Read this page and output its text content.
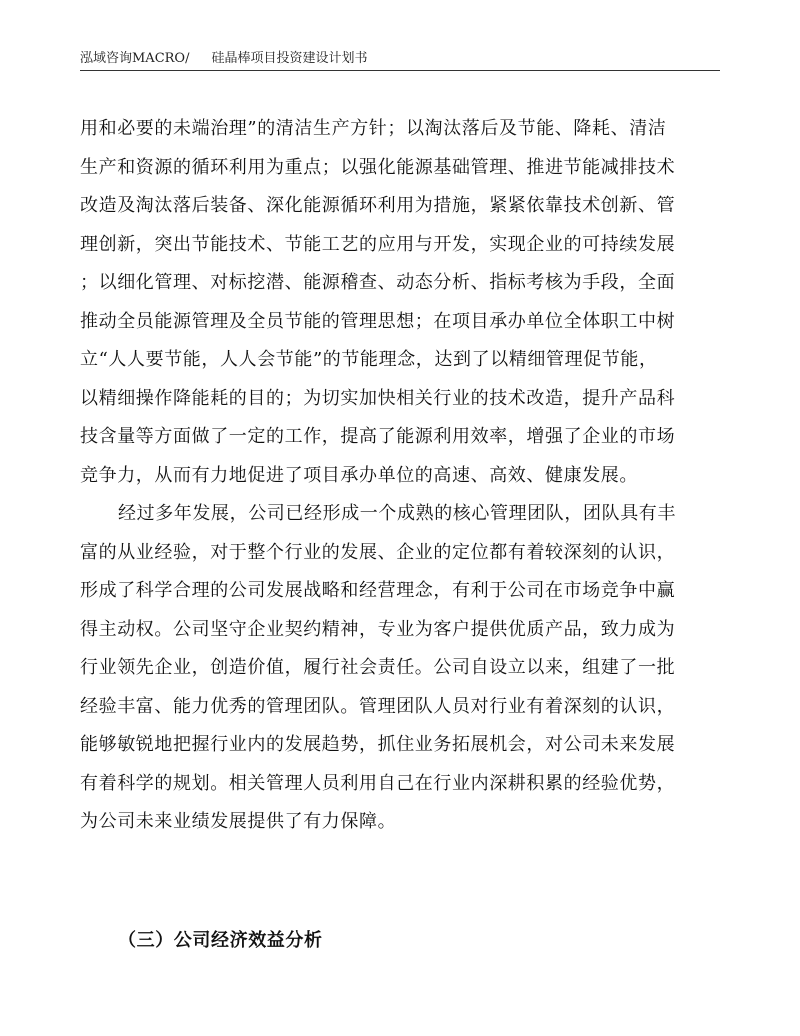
泓域咨询MACRO/ 硅晶棒项目投资建设计划书
用和必要的未端治理”的清洁生产方针；以淘汰落后及节能、降耗、清洁
生产和资源的循环利用为重点；以强化能源基础管理、推进节能减排技术
改造及淘汰落后装备、深化能源循环利用为措施，紧紧依靠技术创新、管
理创新，突出节能技术、节能工艺的应用与开发，实现企业的可持续发展
；以细化管理、对标挖潜、能源稽查、动态分析、指标考核为手段，全面
推动全员能源管理及全员节能的管理思想；在项目承办单位全体职工中树
立“人人要节能，人人会节能”的节能理念，达到了以精细管理促节能，
以精细操作降能耗的目的；为切实加快相关行业的技术改造，提升产品科
技含量等方面做了一定的工作，提高了能源利用效率，增强了企业的市场
竞争力，从而有力地促进了项目承办单位的高速、高效、健康发展。
经过多年发展，公司已经形成一个成熟的核心管理团队，团队具有丰
富的从业经验，对于整个行业的发展、企业的定位都有着较深刻的认识，
形成了科学合理的公司发展战略和经营理念，有利于公司在市场竞争中赢
得主动权。公司坚守企业契约精神，专业为客户提供优质产品，致力成为
行业领先企业，创造价值，履行社会责任。公司自设立以来，组建了一批
经验丰富、能力优秀的管理团队。管理团队人员对行业有着深刻的认识，
能够敏锐地把握行业内的发展趋势，抓住业务拓展机会，对公司未来发展
有着科学的规划。相关管理人员利用自己在行业内深耕积累的经验优势，
为公司未来业绩发展提供了有力保障。
（三）公司经济效益分析
